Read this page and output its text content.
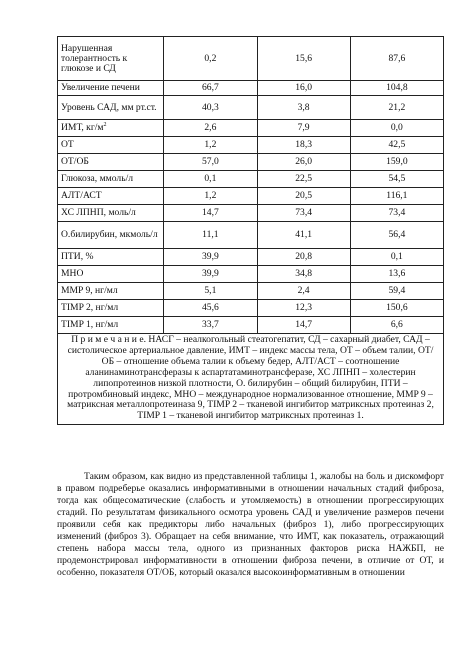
Нарушенная толерантность к глюкозе и СД	0,2	15,6	87,6
Увеличение печени	66,7	16,0	104,8
Уровень САД, мм рт.ст.	40,3	3,8	21,2
ИМТ, $кг/м^2$	2,6	7,9	0,0
ОТ	1,2	18,3	42,5
ОТ/ОБ	57,0	26,0	159,0
Глюкоза, ммоль/л	0,1	22,5	54,5
АЛТ/АСТ	1,2	20,5	116,1
ХС ЛПНП, моль/л	14,7	73,4	73,4
О.билирубин, мкмоль/л	11,1	41,1	56,4
ПТИ, %	39,9	20,8	0,1
МНО	39,9	34,8	13,6
MMP 9, нг/мл	5,1	2,4	59,4
TIMP 2, нг/мл	45,6	12,3	150,6
TIMP 1, нг/мл	33,7	14,7	6,6
П р и м е ч а н и е. НАСГ – неалкогольный стеатогепатит, СД – сахарный диабет, САД – систолическое артериальное давление, ИМТ – индекс массы тела, ОТ – объем талии, ОТ/ОБ – отношение объема талии к объему бедер, АЛТ/АСТ – соотношение аланинаминотрансферазы к аспартатаминотрансферазе, ХС ЛПНП – холестерин липопротеинов низкой плотности, О. билирубин – общий билирубин, ПТИ – протромбиновый индекс, МНО – международное нормализованное отношение, MMP 9 – матриксная металлопротеиназа 9, TIMP 2 – тканевой ингибитор матриксных протеиназ 2, TIMP 1 – тканевой ингибитор матриксных протеиназ 1.			

Таким образом, как видно из представленной таблицы 1, жалобы на боль и дискомфорт в правом подреберье оказались информативными в отношении начальных стадий фиброза, тогда как общесоматические (слабость и утомляемость) в отношении прогрессирующих стадий. По результатам физикального осмотра уровень САД и увеличение размеров печени проявили себя как предикторы либо начальных (фиброз 1), либо прогрессирующих изменений (фиброз 3). Обращает на себя внимание, что ИМТ, как показатель, отражающий степень набора массы тела, одного из признанных факторов риска НАЖБП, не продемонстрировал информативности в отношении фиброза печени, в отличие от ОТ, и особенно, показателя ОТ/ОБ, который оказался высокоинформативным в отношении
